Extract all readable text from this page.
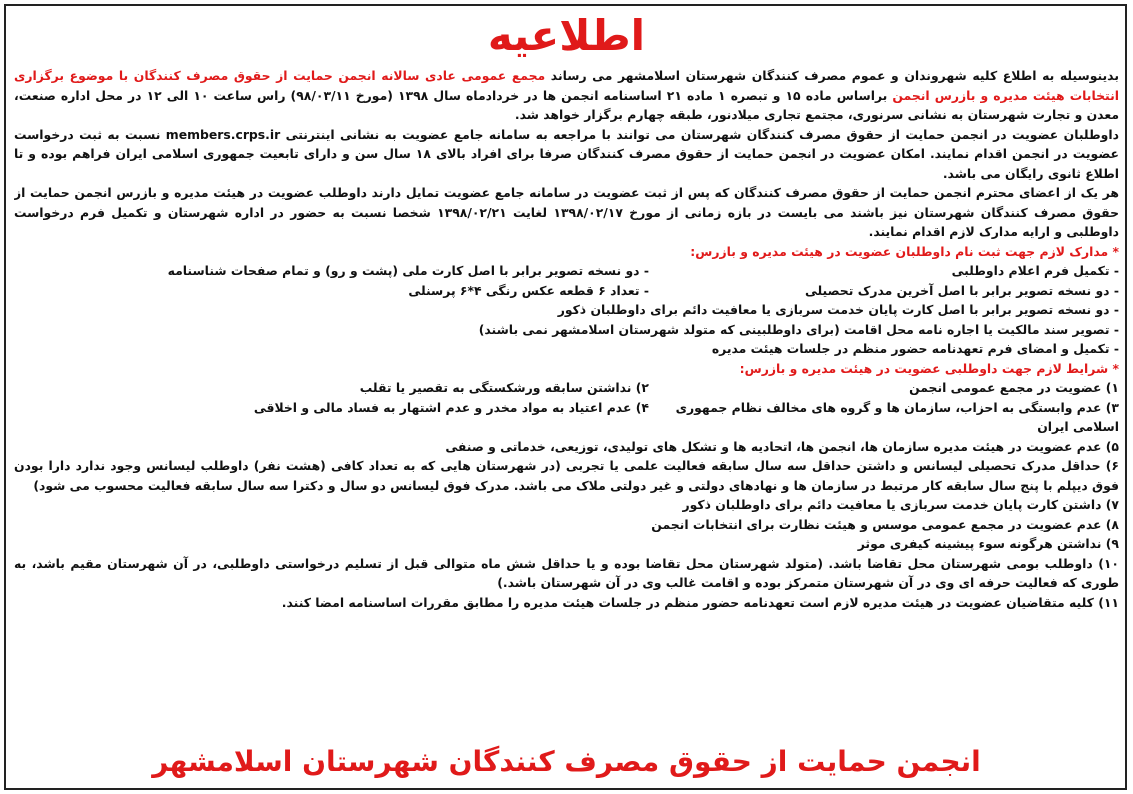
اطلاعیه

بدینوسیله به اطلاع کلیه شهروندان و عموم مصرف کنندگان شهرستان اسلامشهر می رساند مجمع عمومی عادی سالانه انجمن حمایت از حقوق مصرف کنندگان با موضوع برگزاری انتخابات هیئت مدیره و بازرس انجمن براساس ماده ۱۵ و تبصره ۱ ماده ۲۱ اساسنامه انجمن ها در خردادماه سال ۱۳۹۸ (مورخ ۹۸/۰۳/۱۱) راس ساعت ۱۰ الی ۱۲ در محل اداره صنعت، معدن و تجارت شهرستان به نشانی سرنوری، مجتمع تجاری میلادنور، طبقه چهارم برگزار خواهد شد.

داوطلبان عضویت در انجمن حمایت از حقوق مصرف کنندگان شهرستان می توانند با مراجعه به سامانه جامع عضویت به نشانی اینترنتی members.crps.ir نسبت به ثبت درخواست عضویت در انجمن اقدام نمایند. امکان عضویت در انجمن حمایت از حقوق مصرف کنندگان صرفا برای افراد بالای ۱۸ سال سن و دارای تابعیت جمهوری اسلامی ایران فراهم بوده و تا اطلاع ثانوی رایگان می باشد.

هر یک از اعضای محترم انجمن حمایت از حقوق مصرف کنندگان که پس از ثبت عضویت در سامانه جامع عضویت تمایل دارند داوطلب عضویت در هیئت مدیره و بازرس انجمن حمایت از حقوق مصرف کنندگان شهرستان نیز باشند می بایست در بازه زمانی از مورخ ۱۳۹۸/۰۲/۱۷ لغایت ۱۳۹۸/۰۲/۲۱ شخصا نسبت به حضور در اداره شهرستان و تکمیل فرم درخواست داوطلبی و ارایه مدارک لازم اقدام نمایند.

* مدارک لازم جهت ثبت نام داوطلبان عضویت در هیئت مدیره و بازرس:
- تکمیل فرم اعلام داوطلبی
- دو نسخه تصویر برابر با اصل کارت ملی (پشت و رو) و تمام صفحات شناسنامه
- دو نسخه تصویر برابر با اصل آخرین مدرک تحصیلی
- تعداد ۶ قطعه عکس رنگی ۴*۶ پرسنلی
- دو نسخه تصویر برابر با اصل کارت پایان خدمت سربازی یا معافیت دائم برای داوطلبان ذکور
- تصویر سند مالکیت یا اجاره نامه محل اقامت (برای داوطلبینی که متولد شهرستان اسلامشهر نمی باشند)
- تکمیل و امضای فرم تعهدنامه حضور منظم در جلسات هیئت مدیره
* شرایط لازم جهت داوطلبی عضویت در هیئت مدیره و بازرس:
۱) عضویت در مجمع عمومی انجمن
۲) نداشتن سابقه ورشکستگی به تقصیر یا تقلب
۳) عدم وابستگی به احزاب، سازمان ها و گروه های مخالف نظام جمهوری اسلامی ایران
۴) عدم اعتیاد به مواد مخدر و عدم اشتهار به فساد مالی و اخلاقی
۵) عدم عضویت در هیئت مدیره سازمان ها، انجمن ها، اتحادیه ها و تشکل های تولیدی، توزیعی، خدماتی و صنفی

۶) حداقل مدرک تحصیلی لیسانس و داشتن حداقل سه سال سابقه فعالیت علمی یا تجربی (در شهرستان هایی که به تعداد کافی (هشت نفر) داوطلب لیسانس وجود ندارد دارا بودن فوق دیپلم با پنج سال سابقه کار مرتبط در سازمان ها و نهادهای دولتی و غیر دولتی ملاک می باشد. مدرک فوق لیسانس دو سال و دکترا سه سال سابقه فعالیت محسوب می شود)

۷) داشتن کارت پایان خدمت سربازی یا معافیت دائم برای داوطلبان ذکور
۸) عدم عضویت در مجمع عمومی موسس و هیئت نظارت برای انتخابات انجمن
۹) نداشتن هرگونه سوء پیشینه کیفری موثر

۱۰) داوطلب بومی شهرستان محل تقاضا باشد. (متولد شهرستان محل تقاضا بوده و یا حداقل شش ماه متوالی قبل از تسلیم درخواستی داوطلبی، در آن شهرستان مقیم باشد، به طوری که فعالیت حرفه ای وی در آن شهرستان متمرکز بوده و اقامت غالب وی در آن شهرستان باشد.)

۱۱) کلیه متقاضیان عضویت در هیئت مدیره لازم است تعهدنامه حضور منظم در جلسات هیئت مدیره را مطابق مقررات اساسنامه امضا کنند.
انجمن حمایت از حقوق مصرف کنندگان شهرستان اسلامشهر
